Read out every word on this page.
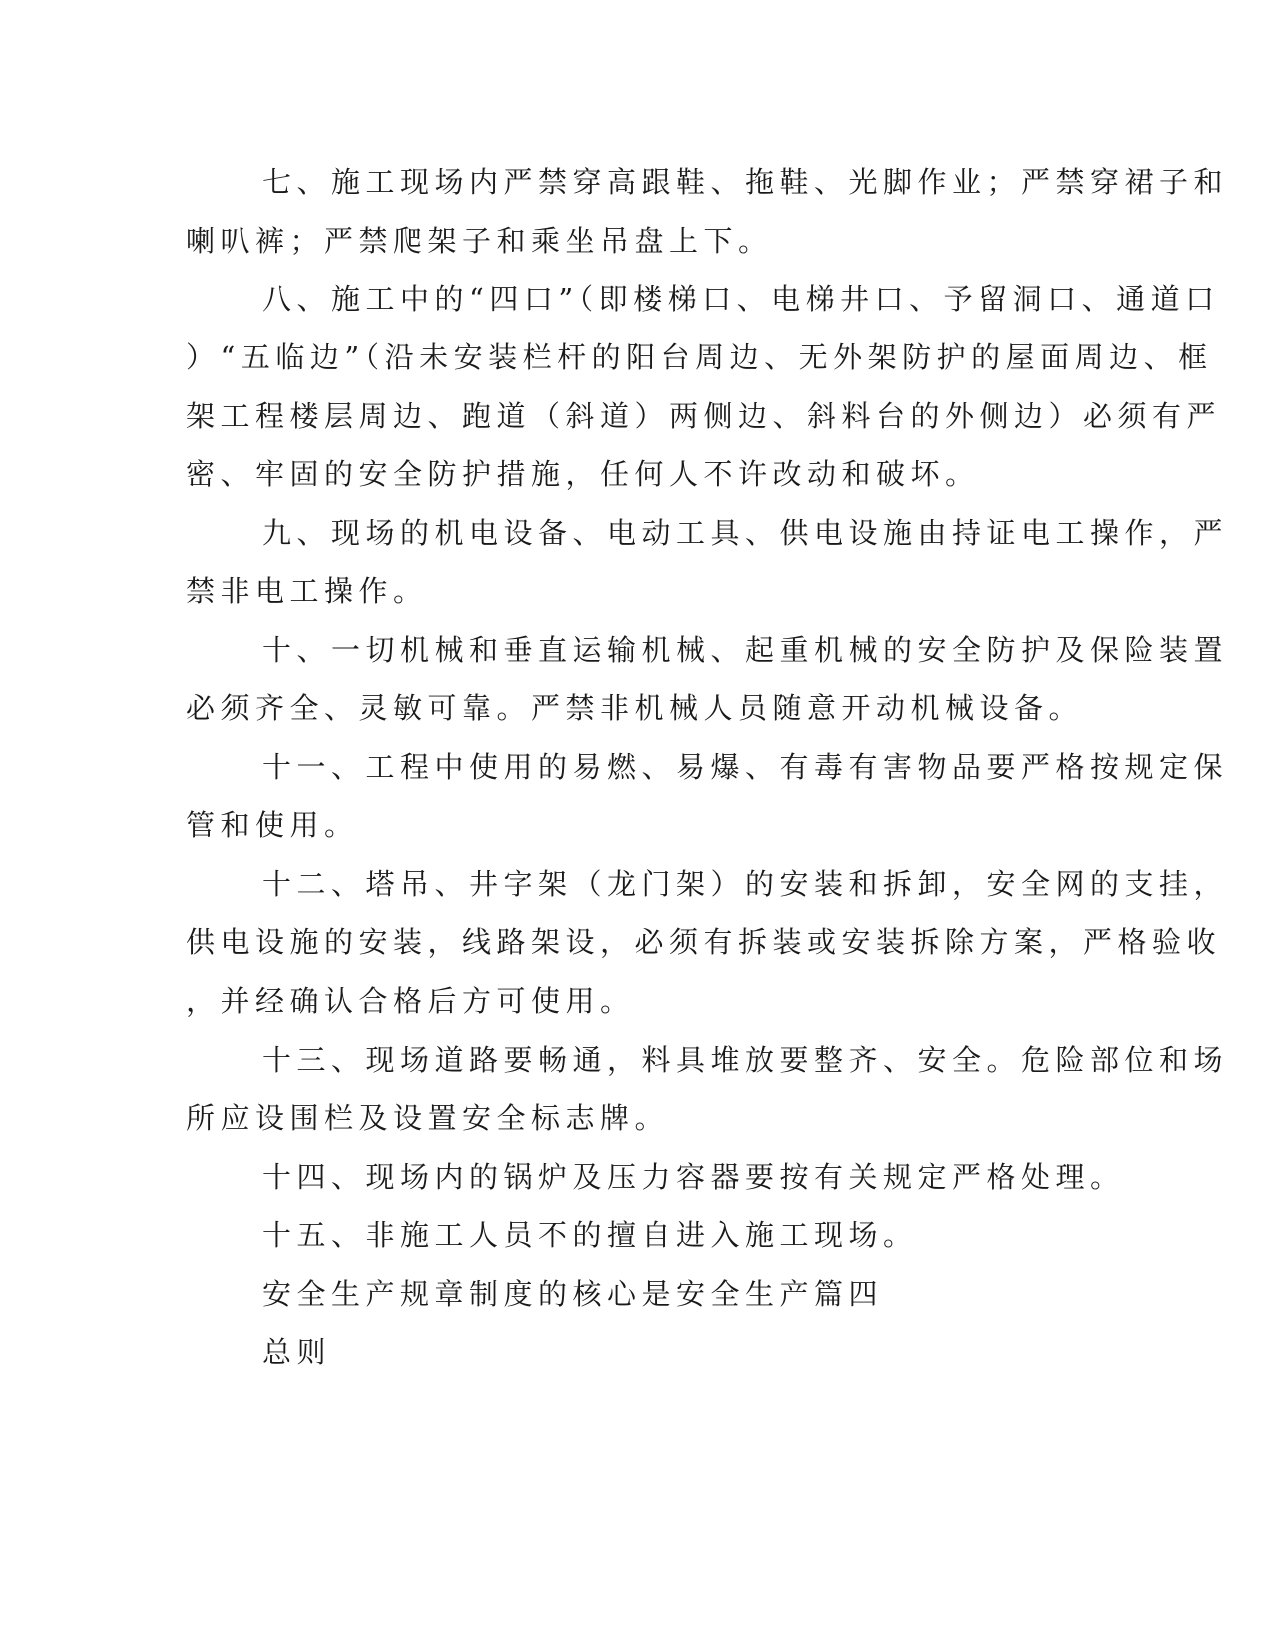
七、施工现场内严禁穿高跟鞋、拖鞋、光脚作业；严禁穿裙子和
喇叭裤；严禁爬架子和乘坐吊盘上下。
八、施工中的“四口”（即楼梯口、电梯井口、予留洞口、通道口
）“五临边”（沿未安装栏杆的阳台周边、无外架防护的屋面周边、框
架工程楼层周边、跑道（斜道）两侧边、斜料台的外侧边）必须有严
密、牢固的安全防护措施，任何人不许改动和破坏。
九、现场的机电设备、电动工具、供电设施由持证电工操作，严
禁非电工操作。
十、一切机械和垂直运输机械、起重机械的安全防护及保险装置
必须齐全、灵敏可靠。严禁非机械人员随意开动机械设备。
十一、工程中使用的易燃、易爆、有毒有害物品要严格按规定保
管和使用。
十二、塔吊、井字架（龙门架）的安装和拆卸，安全网的支挂，
供电设施的安装，线路架设，必须有拆装或安装拆除方案，严格验收
，并经确认合格后方可使用。
十三、现场道路要畅通，料具堆放要整齐、安全。危险部位和场
所应设围栏及设置安全标志牌。
十四、现场内的锅炉及压力容器要按有关规定严格处理。
十五、非施工人员不的擅自进入施工现场。
安全生产规章制度的核心是安全生产篇四
总则
